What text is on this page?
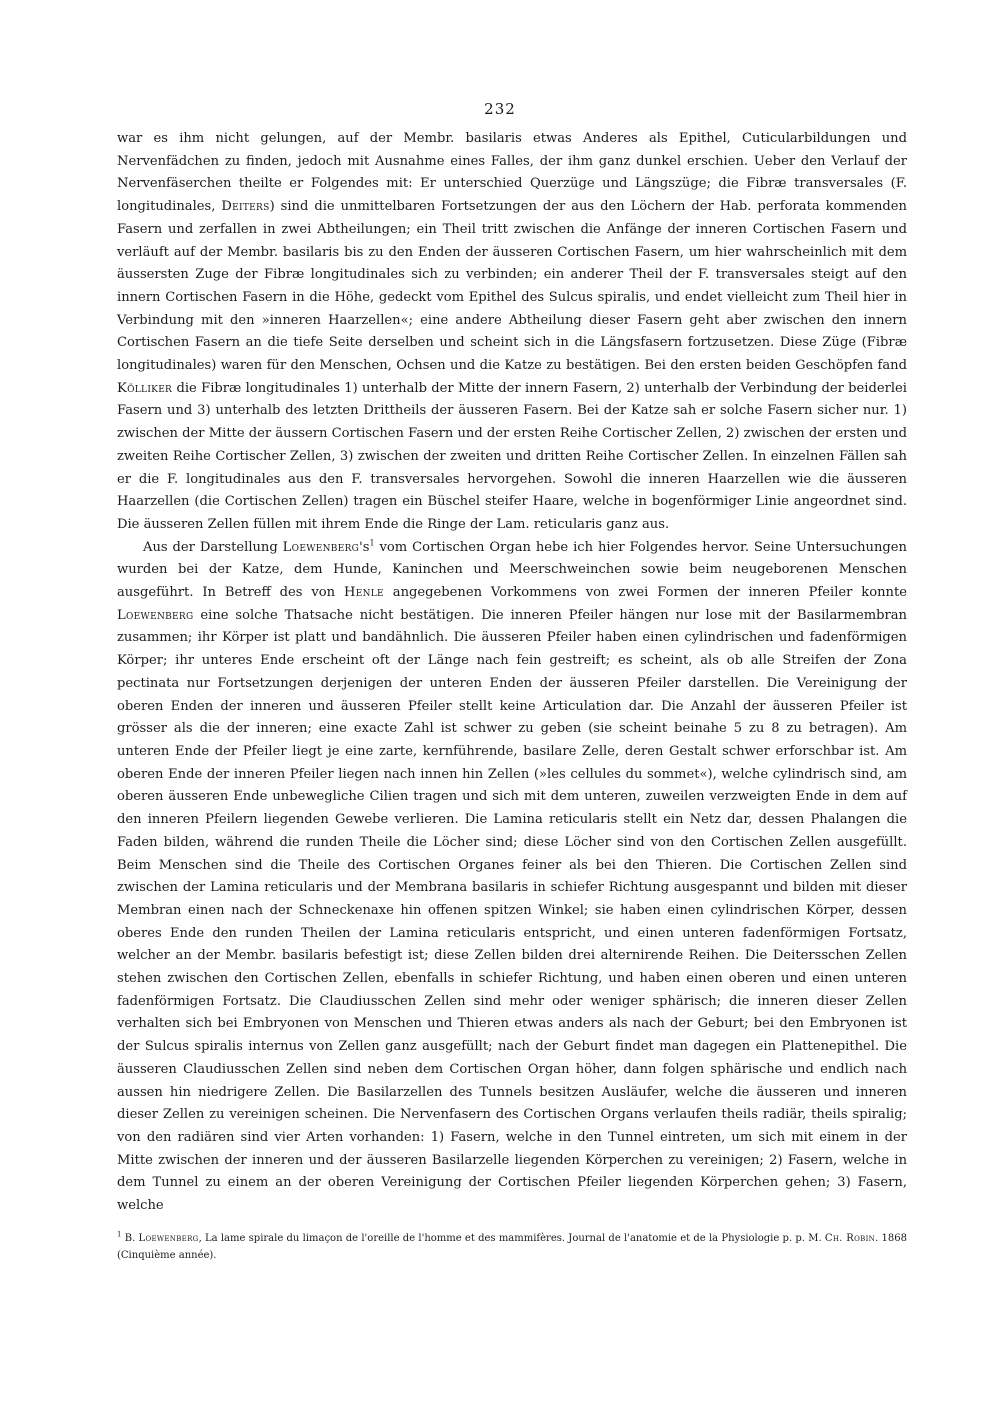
232

war es ihm nicht gelungen, auf der Membr. basilaris etwas Anderes als Epithel, Cuticularbildungen und Nervenfädchen zu finden, jedoch mit Ausnahme eines Falles, der ihm ganz dunkel erschien. Ueber den Verlauf der Nervenfäserchen theilte er Folgendes mit: Er unterschied Querzüge und Längszüge; die Fibræ transversales (F. longitudinales, Deiters) sind die unmittelbaren Fortsetzungen der aus den Löchern der Hab. perforata kommenden Fasern und zerfallen in zwei Abtheilungen; ein Theil tritt zwischen die Anfänge der inneren Cortischen Fasern und verläuft auf der Membr. basilaris bis zu den Enden der äusseren Cortischen Fasern, um hier wahrscheinlich mit dem äussersten Zuge der Fibræ longitudinales sich zu verbinden; ein anderer Theil der F. transversales steigt auf den innern Cortischen Fasern in die Höhe, gedeckt vom Epithel des Sulcus spiralis, und endet vielleicht zum Theil hier in Verbindung mit den »inneren Haarzellen«; eine andere Abtheilung dieser Fasern geht aber zwischen den innern Cortischen Fasern an die tiefe Seite derselben und scheint sich in die Längsfasern fortzusetzen. Diese Züge (Fibræ longitudinales) waren für den Menschen, Ochsen und die Katze zu bestätigen. Bei den ersten beiden Geschöpfen fand Kölliker die Fibræ longitudinales 1) unterhalb der Mitte der innern Fasern, 2) unterhalb der Verbindung der beiderlei Fasern und 3) unterhalb des letzten Drittheils der äusseren Fasern. Bei der Katze sah er solche Fasern sicher nur. 1) zwischen der Mitte der äussern Cortischen Fasern und der ersten Reihe Cortischer Zellen, 2) zwischen der ersten und zweiten Reihe Cortischer Zellen, 3) zwischen der zweiten und dritten Reihe Cortischer Zellen. In einzelnen Fällen sah er die F. longitudinales aus den F. transversales hervorgehen. Sowohl die inneren Haarzellen wie die äusseren Haarzellen (die Cortischen Zellen) tragen ein Büschel steifer Haare, welche in bogenförmiger Linie angeordnet sind. Die äusseren Zellen füllen mit ihrem Ende die Ringe der Lam. reticularis ganz aus.

Aus der Darstellung Loewenberg's$^1$ vom Cortischen Organ hebe ich hier Folgendes hervor. Seine Untersuchungen wurden bei der Katze, dem Hunde, Kaninchen und Meerschweinchen sowie beim neugeborenen Menschen ausgeführt. In Betreff des von Henle angegebenen Vorkommens von zwei Formen der inneren Pfeiler konnte Loewenberg eine solche Thatsache nicht bestätigen. Die inneren Pfeiler hängen nur lose mit der Basilarmembran zusammen; ihr Körper ist platt und bandähnlich. Die äusseren Pfeiler haben einen cylindrischen und fadenförmigen Körper; ihr unteres Ende erscheint oft der Länge nach fein gestreift; es scheint, als ob alle Streifen der Zona pectinata nur Fortsetzungen derjenigen der unteren Enden der äusseren Pfeiler darstellen. Die Vereinigung der oberen Enden der inneren und äusseren Pfeiler stellt keine Articulation dar. Die Anzahl der äusseren Pfeiler ist grösser als die der inneren; eine exacte Zahl ist schwer zu geben (sie scheint beinahe 5 zu 8 zu betragen). Am unteren Ende der Pfeiler liegt je eine zarte, kernführende, basilare Zelle, deren Gestalt schwer erforschbar ist. Am oberen Ende der inneren Pfeiler liegen nach innen hin Zellen (»les cellules du sommet«), welche cylindrisch sind, am oberen äusseren Ende unbewegliche Cilien tragen und sich mit dem unteren, zuweilen verzweigten Ende in dem auf den inneren Pfeilern liegenden Gewebe verlieren. Die Lamina reticularis stellt ein Netz dar, dessen Phalangen die Faden bilden, während die runden Theile die Löcher sind; diese Löcher sind von den Cortischen Zellen ausgefüllt. Beim Menschen sind die Theile des Cortischen Organes feiner als bei den Thieren. Die Cortischen Zellen sind zwischen der Lamina reticularis und der Membrana basilaris in schiefer Richtung ausgespannt und bilden mit dieser Membran einen nach der Schneckenaxe hin offenen spitzen Winkel; sie haben einen cylindrischen Körper, dessen oberes Ende den runden Theilen der Lamina reticularis entspricht, und einen unteren fadenförmigen Fortsatz, welcher an der Membr. basilaris befestigt ist; diese Zellen bilden drei alternirende Reihen. Die Deitersschen Zellen stehen zwischen den Cortischen Zellen, ebenfalls in schiefer Richtung, und haben einen oberen und einen unteren fadenförmigen Fortsatz. Die Claudiusschen Zellen sind mehr oder weniger sphärisch; die inneren dieser Zellen verhalten sich bei Embryonen von Menschen und Thieren etwas anders als nach der Geburt; bei den Embryonen ist der Sulcus spiralis internus von Zellen ganz ausgefüllt; nach der Geburt findet man dagegen ein Plattenepithel. Die äusseren Claudiusschen Zellen sind neben dem Cortischen Organ höher, dann folgen sphärische und endlich nach aussen hin niedrigere Zellen. Die Basilarzellen des Tunnels besitzen Ausläufer, welche die äusseren und inneren dieser Zellen zu vereinigen scheinen. Die Nervenfasern des Cortischen Organs verlaufen theils radiär, theils spiralig; von den radiären sind vier Arten vorhanden: 1) Fasern, welche in den Tunnel eintreten, um sich mit einem in der Mitte zwischen der inneren und der äusseren Basilarzelle liegenden Körperchen zu vereinigen; 2) Fasern, welche in dem Tunnel zu einem an der oberen Vereinigung der Cortischen Pfeiler liegenden Körperchen gehen; 3) Fasern, welche

$^1$ B. Loewenberg, La lame spirale du limaçon de l'oreille de l'homme et des mammifères. Journal de l'anatomie et de la Physiologie p. p. M. Ch. Robin. 1868 (Cinquième année).
